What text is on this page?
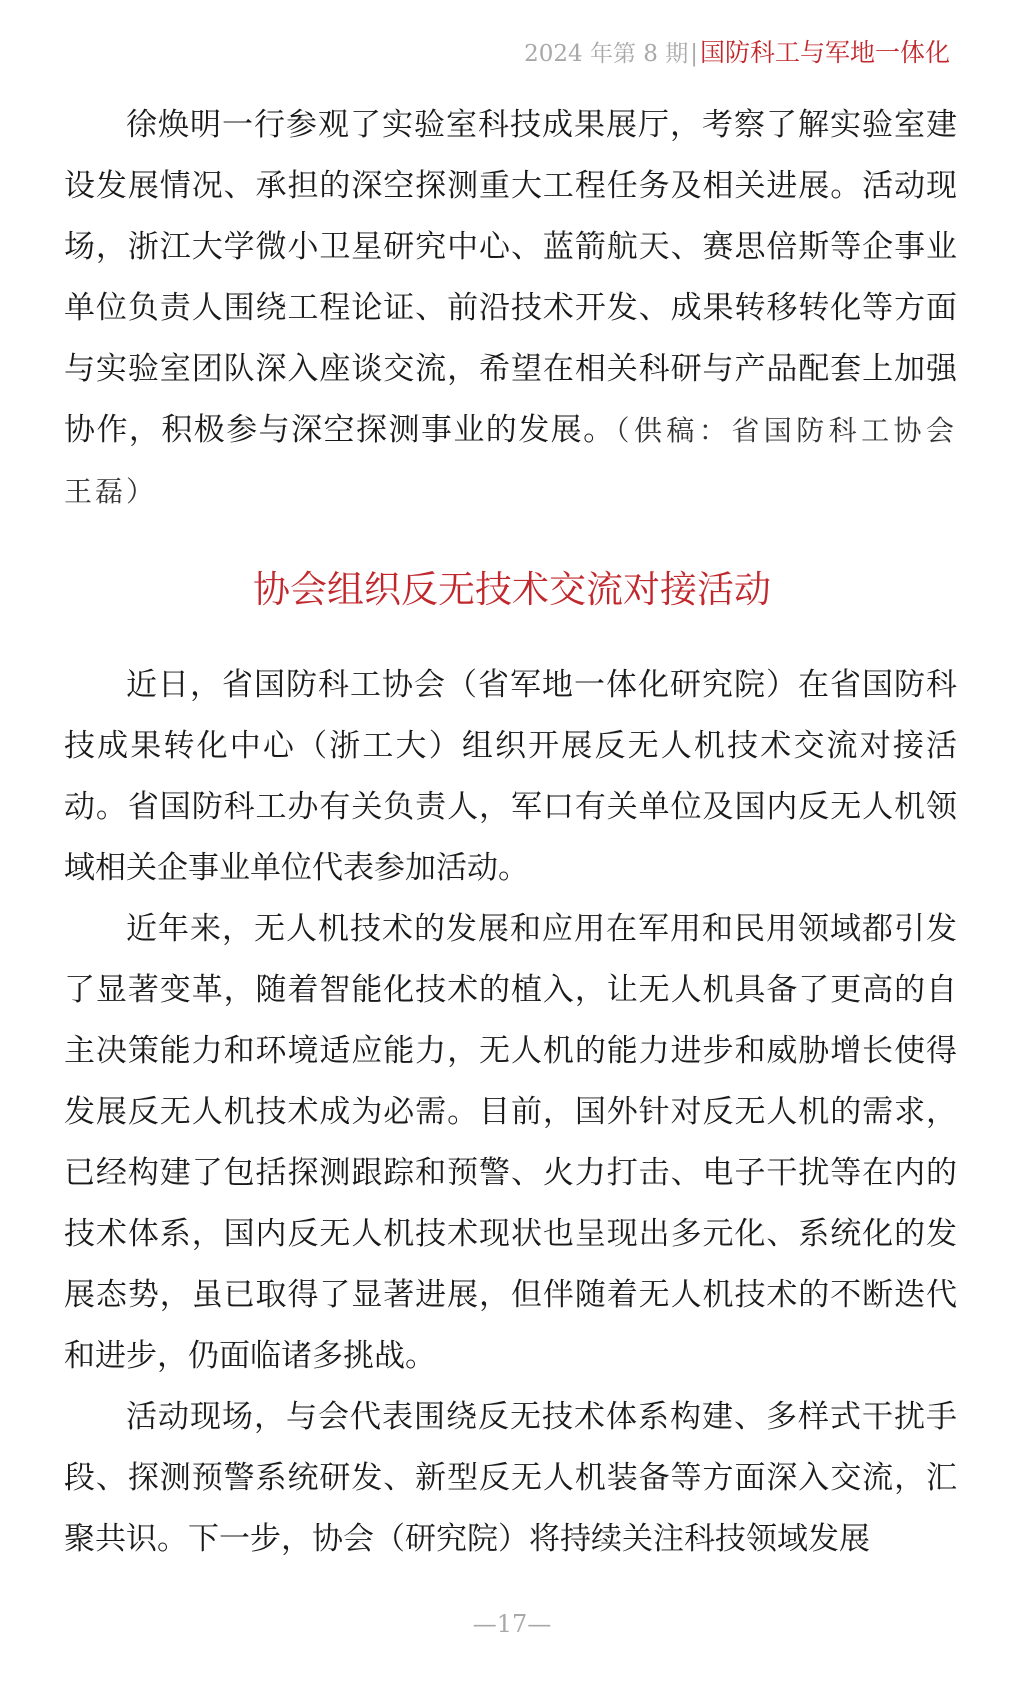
2024 年第 8 期|国防科工与军地一体化

徐焕明一行参观了实验室科技成果展厅，考察了解实验室建设发展情况、承担的深空探测重大工程任务及相关进展。活动现场，浙江大学微小卫星研究中心、蓝箭航天、赛思倍斯等企事业单位负责人围绕工程论证、前沿技术开发、成果转移转化等方面与实验室团队深入座谈交流，希望在相关科研与产品配套上加强协作，积极参与深空探测事业的发展。（供稿：省国防科工协会 王磊）

协会组织反无技术交流对接活动

近日，省国防科工协会（省军地一体化研究院）在省国防科技成果转化中心（浙工大）组织开展反无人机技术交流对接活动。省国防科工办有关负责人，军口有关单位及国内反无人机领域相关企事业单位代表参加活动。

近年来，无人机技术的发展和应用在军用和民用领域都引发了显著变革，随着智能化技术的植入，让无人机具备了更高的自主决策能力和环境适应能力，无人机的能力进步和威胁增长使得发展反无人机技术成为必需。目前，国外针对反无人机的需求，已经构建了包括探测跟踪和预警、火力打击、电子干扰等在内的技术体系，国内反无人机技术现状也呈现出多元化、系统化的发展态势，虽已取得了显著进展，但伴随着无人机技术的不断迭代和进步，仍面临诸多挑战。

活动现场，与会代表围绕反无技术体系构建、多样式干扰手段、探测预警系统研发、新型反无人机装备等方面深入交流，汇聚共识。下一步，协会（研究院）将持续关注科技领域发展

—17—
